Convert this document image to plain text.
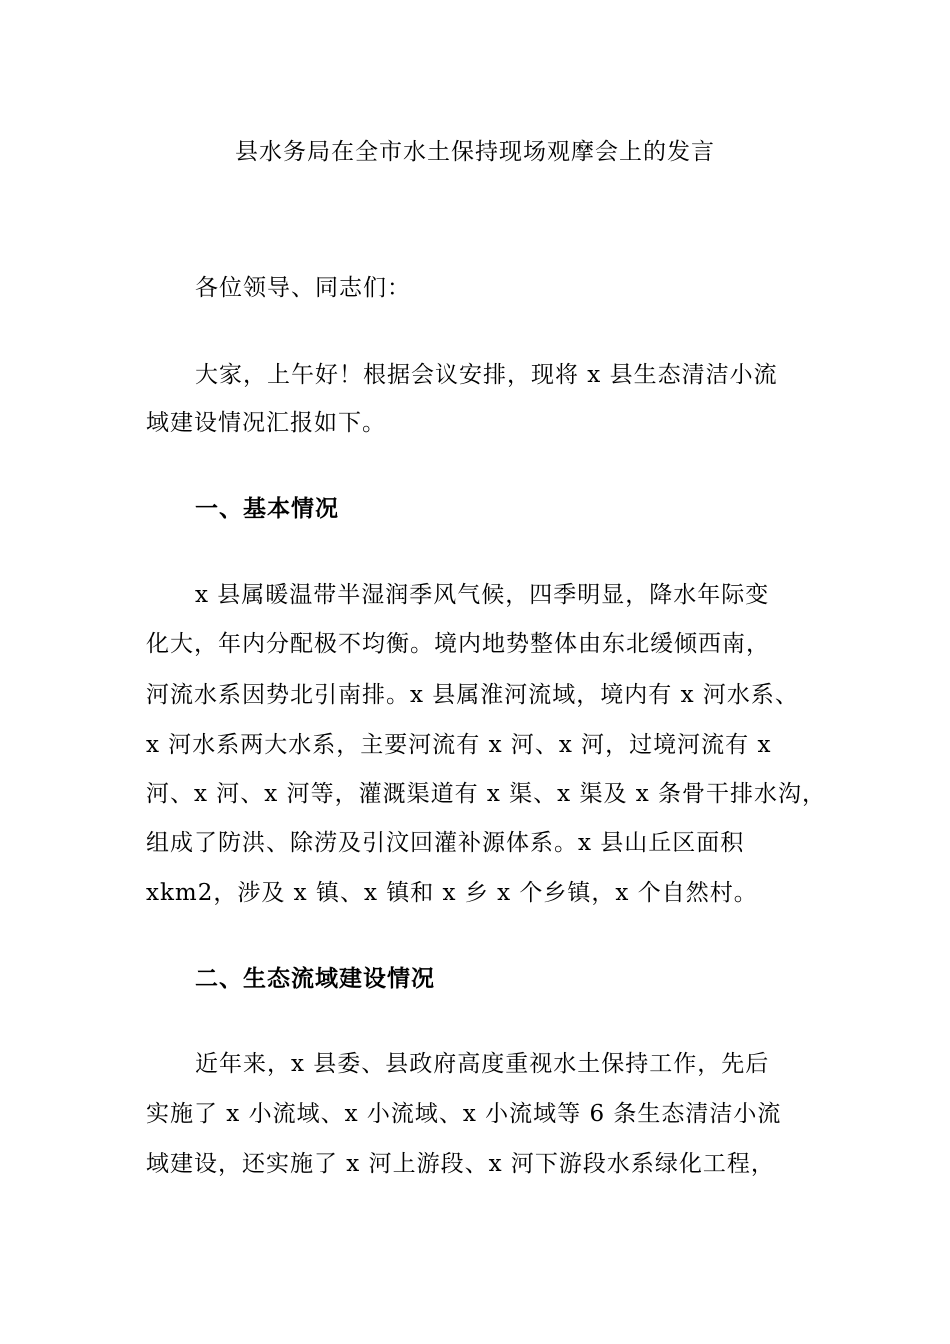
县水务局在全市水土保持现场观摩会上的发言
各位领导、同志们：
大家，上午好！根据会议安排，现将 x 县生态清洁小流
域建设情况汇报如下。
一、基本情况
x 县属暖温带半湿润季风气候，四季明显，降水年际变
化大，年内分配极不均衡。境内地势整体由东北缓倾西南，
河流水系因势北引南排。x 县属淮河流域，境内有 x 河水系、
x 河水系两大水系，主要河流有 x 河、x 河，过境河流有 x
河、x 河、x 河等，灌溉渠道有 x 渠、x 渠及 x 条骨干排水沟，
组成了防洪、除涝及引汶回灌补源体系。x 县山丘区面积
xkm2，涉及 x 镇、x 镇和 x 乡 x 个乡镇，x 个自然村。
二、生态流域建设情况
近年来，x 县委、县政府高度重视水土保持工作，先后
实施了 x 小流域、x 小流域、x 小流域等 6 条生态清洁小流
域建设，还实施了 x 河上游段、x 河下游段水系绿化工程，
